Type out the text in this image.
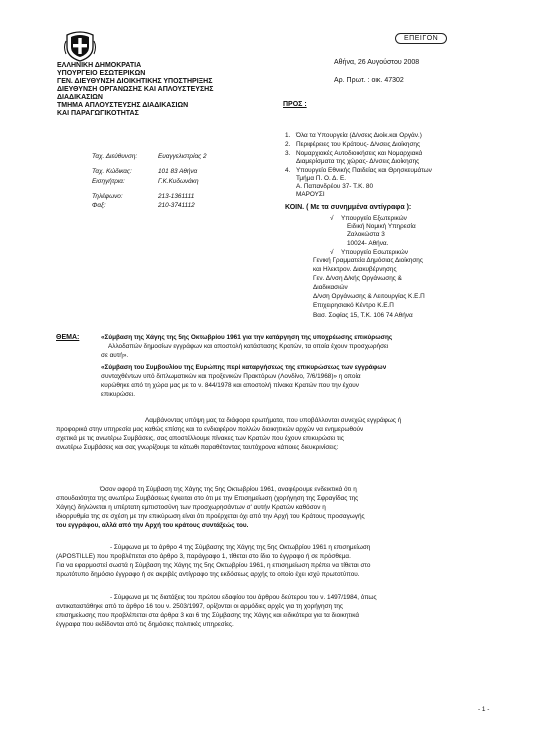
ΕΛΛΗΝΙΚΗ ΔΗΜΟΚΡΑΤΙΑ
ΥΠΟΥΡΓΕΙΟ ΕΣΩΤΕΡΙΚΩΝ
ΓΕΝ. ΔΙΕΥΘΥΝΣΗ ΔΙΟΙΚΗΤΙΚΗΣ ΥΠΟΣΤΗΡΙΞΗΣ
ΔΙΕΥΘΥΝΣΗ ΟΡΓΑΝΩΣΗΣ ΚΑΙ ΑΠΛΟΥΣΤΕΥΣΗΣ
ΔΙΑΔΙΚΑΣΙΩΝ
ΤΜΗΜΑ ΑΠΛΟΥΣΤΕΥΣΗΣ ΔΙΑΔΙΚΑΣΙΩΝ
ΚΑΙ ΠΑΡΑΓΩΓΙΚΟΤΗΤΑΣ
ΕΠΕΙΓΟΝ
Αθήνα, 26 Αυγούστου 2008
Αρ. Πρωτ. : οικ. 47302
ΠΡΟΣ :
1. Όλα τα Υπουργεία (Δ/νσεις Διοίκ.και Οργάν.)
2. Περιφέρειες του Κράτους- Δ/νσεις Διοίκησης
3. Νομαρχιακές Αυτοδιοικήσεις και Νομαρχιακά
Διαμερίσματα της χώρας- Δ/νσεις Διοίκησης
4. Υπουργείο Εθνικής Παιδείας και Θρησκευμάτων
Τμήμα Π. Ο. Δ. Ε.
Α. Παπανδρέου 37- Τ.Κ. 80
ΜΑΡΟΥΣΙ
Ταχ. Διεύθυνση:	Ευαγγελιστρίας 2
Ταχ. Κώδικας:	101 83 Αθήνα
Εισηγήτρια:	Γ.Κ.Κυδωνάκη
Τηλέφωνο:	213-1361111
Φαξ:	210-3741112	ΚΟΙΝ. ( Με τα συνημμένα αντίγραφα ):
√ Υπουργείο Εξωτερικών
Ειδική Νομική Υπηρεσία
Ζαλοκώστα 3
10024- Αθήνα.
√ Υπουργείο Εσωτερικών
Γενική Γραμματεία Δημόσιας Διοίκησης
και Ηλεκτρον. Διακυβέρνησης
Γεν. Δ/νση Δ/κής Οργάνωσης &
Διαδικασιών
Δ/νση Οργάνωσης & Λειτουργίας Κ.Ε.Π
Επιχειρησιακό Κέντρο Κ.Ε.Π
Βασ. Σοφίας 15, Τ.Κ. 106 74 Αθήνα
ΘΕΜΑ:	«Σύμβαση της Χάγης της 5ης Οκτωβρίου 1961 για την κατάργηση της υποχρέωσης επικύρωσης
Αλλοδαπών δημοσίων εγγράφων και αποστολή κατάστασης Κρατών, τα οποία έχουν προσχωρήσει
σε αυτή».
«Σύμβαση του Συμβουλίου της Ευρώπης περί καταργήσεως της επικυρώσεως των εγγράφων
συνταχθέντων υπό διπλωματικών και προξενικών Πρακτόρων (Λονδίνο, 7/6/1968)» η οποία
κυρώθηκε από τη χώρα μας με το ν. 844/1978 και αποστολή πίνακα Κρατών που την έχουν
επικυρώσει.
Λαμβάνοντας υπόψη μας τα διάφορα ερωτήματα, που υποβάλλονται συνεχώς εγγράφως ή
προφορικά στην υπηρεσία μας καθώς επίσης και το ενδιαφέρον πολλών διοικητικών αρχών να ενημερωθούν
σχετικά με τις ανωτέρω Συμβάσεις, σας αποστέλλουμε πίνακες των Κρατών που έχουν επικυρώσει τις
ανωτέρω Συμβάσεις και σας γνωρίζουμε τα κάτωθι παραθέτοντας ταυτόχρονα κάποιες διευκρινίσεις:
Όσον αφορά τη Σύμβαση της Χάγης της 5ης Οκτωβρίου 1961, αναφέρουμε ενδεικτικά ότι η
σπουδαιότητα της ανωτέρω Συμβάσεως έγκειται στο ότι με την Επισημείωση (χορήγηση της Σφραγίδας της
Χάγης) δηλώνεται η υπέρτατη εμπιστοσύνη των προσχωρησάντων σ' αυτήν Κρατών καθόσον η
ιδιορρυθμία της σε σχέση με την επικύρωση είναι ότι προέρχεται όχι από την Αρχή του Κράτους προσαγωγής
του εγγράφου, αλλά από την Αρχή του κράτους συντάξεώς του.
- Σύμφωνα με το άρθρο 4 της Σύμβασης της Χάγης της 5ης Οκτωβρίου 1961 η επισημείωση
(APOSTILLE) που προβλέπεται στο άρθρο 3, παράγραφο 1, τίθεται στο ίδιο το έγγραφο ή σε πρόσθεμα.
Για να εφαρμοστεί σωστά η Σύμβαση της Χάγης της 5ης Οκτωβρίου 1961, η επισημείωση πρέπει να τίθεται στο
πρωτότυπο δημόσιο έγγραφο ή σε ακριβές αντίγραφο της εκδόσεως αρχής το οποίο έχει ισχύ πρωτοτύπου.
- Σύμφωνα με τις διατάξεις του πρώτου εδαφίου του άρθρου δεύτερου του ν. 1497/1984, όπως
αντικαταστάθηκε από το άρθρο 16 του ν. 2503/1997, ορίζονται οι αρμόδιες αρχές για τη χορήγηση της
επισημείωσης που προβλέπεται στα άρθρα 3 και 6 της Σύμβασης της Χάγης και ειδικότερα για τα διοικητικά
έγγραφα που εκδίδονται από τις δημόσιες πολιτικές υπηρεσίες.
- 1 -
